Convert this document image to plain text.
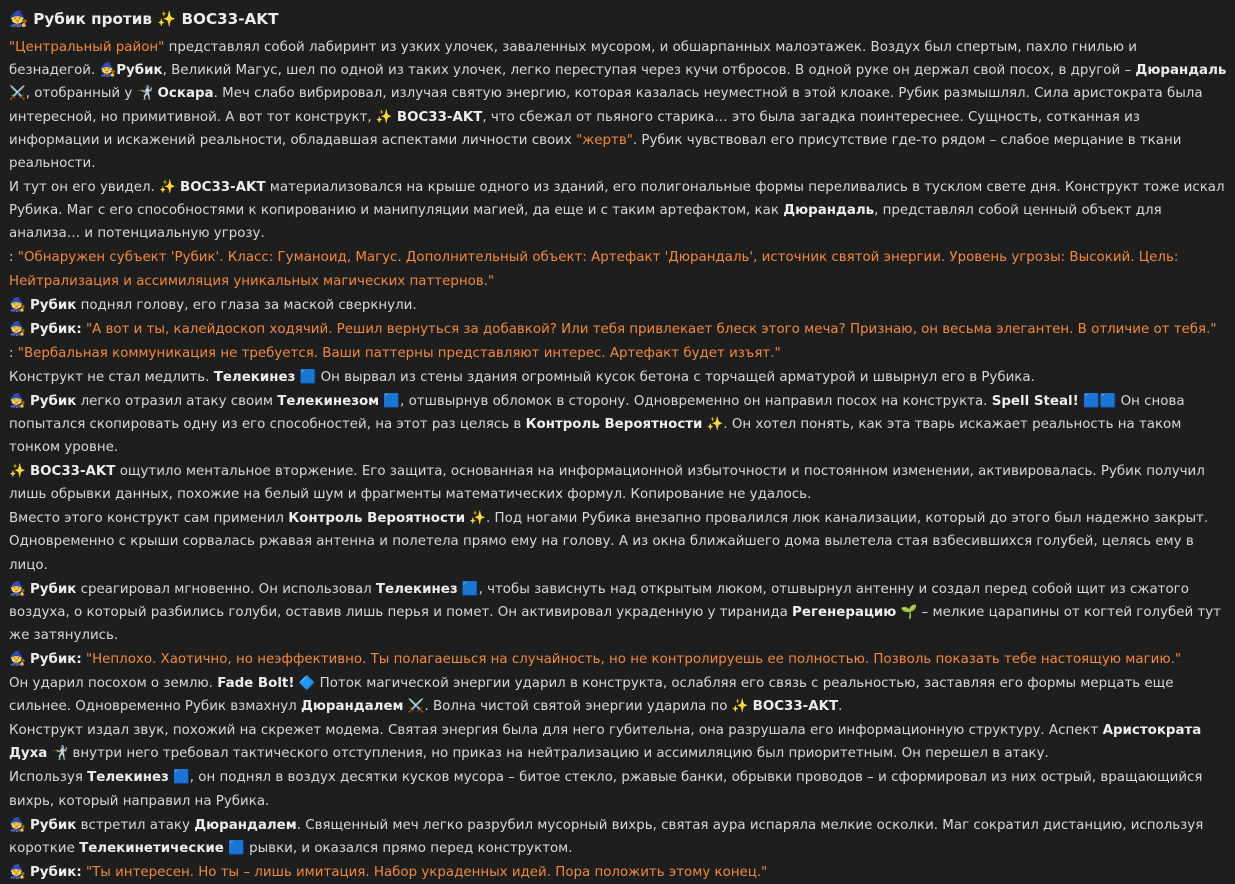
🧙 Рубик против ✨ BOC33-AKT

"Центральный район" представлял собой лабиринт из узких улочек, заваленных мусором, и обшарпанных малоэтажек. Воздух был спертым, пахло гнилью и безнадегой. 🧙Рубик, Великий Магус, шел по одной из таких улочек, легко переступая через кучи отбросов. В одной руке он держал свой посох, в другой – Дюрандаль ⚔️, отобранный у 🤺 Оскара. Меч слабо вибрировал, излучая святую энергию, которая казалась неуместной в этой клоаке. Рубик размышлял. Сила аристократа была интересной, но примитивной. А вот тот конструкт, ✨ BOC33-AKT, что сбежал от пьяного старика… это была загадка поинтереснее. Сущность, сотканная из информации и искажений реальности, обладавшая аспектами личности своих "жертв". Рубик чувствовал его присутствие где-то рядом – слабое мерцание в ткани реальности.

И тут он его увидел. ✨ BOC33-AKT материализовался на крыше одного из зданий, его полигональные формы переливались в тусклом свете дня. Конструкт тоже искал Рубика. Маг с его способностями к копированию и манипуляции магией, да еще и с таким артефактом, как Дюрандаль, представлял собой ценный объект для анализа… и потенциальную угрозу.

: "Обнаружен субъект 'Рубик'. Класс: Гуманоид, Магус. Дополнительный объект: Артефакт 'Дюрандаль', источник святой энергии. Уровень угрозы: Высокий. Цель: Нейтрализация и ассимиляция уникальных магических паттернов."

🧙 Рубик поднял голову, его глаза за маской сверкнули.

🧙 Рубик: "А вот и ты, калейдоскоп ходячий. Решил вернуться за добавкой? Или тебя привлекает блеск этого меча? Признаю, он весьма элегантен. В отличие от тебя."

: "Вербальная коммуникация не требуется. Ваши паттерны представляют интерес. Артефакт будет изъят."

Конструкт не стал медлить. Телекинез 🟦 Он вырвал из стены здания огромный кусок бетона с торчащей арматурой и швырнул его в Рубика.

🧙 Рубик легко отразил атаку своим Телекинезом 🟦, отшвырнув обломок в сторону. Одновременно он направил посох на конструкта. Spell Steal! 🟦🟦 Он снова попытался скопировать одну из его способностей, на этот раз целясь в Контроль Вероятности ✨. Он хотел понять, как эта тварь искажает реальность на таком тонком уровне.

✨ BOC33-AKT ощутило ментальное вторжение. Его защита, основанная на информационной избыточности и постоянном изменении, активировалась. Рубик получил лишь обрывки данных, похожие на белый шум и фрагменты математических формул. Копирование не удалось.

Вместо этого конструкт сам применил Контроль Вероятности ✨. Под ногами Рубика внезапно провалился люк канализации, который до этого был надежно закрыт. Одновременно с крыши сорвалась ржавая антенна и полетела прямо ему на голову. А из окна ближайшего дома вылетела стая взбесившихся голубей, целясь ему в лицо.

🧙 Рубик среагировал мгновенно. Он использовал Телекинез 🟦, чтобы зависнуть над открытым люком, отшвырнул антенну и создал перед собой щит из сжатого воздуха, о который разбились голуби, оставив лишь перья и помет. Он активировал украденную у тиранида Регенерацию 🌱 – мелкие царапины от когтей голубей тут же затянулись.

🧙 Рубик: "Неплохо. Хаотично, но неэффективно. Ты полагаешься на случайность, но не контролируешь ее полностью. Позволь показать тебе настоящую магию."

Он ударил посохом о землю. Fade Bolt! 🔷 Поток магической энергии ударил в конструкта, ослабляя его связь с реальностью, заставляя его формы мерцать еще сильнее. Одновременно Рубик взмахнул Дюрандалем ⚔️. Волна чистой святой энергии ударила по ✨ BOC33-AKT.

Конструкт издал звук, похожий на скрежет модема. Святая энергия была для него губительна, она разрушала его информационную структуру. Аспект Аристократа Духа 🤺 внутри него требовал тактического отступления, но приказ на нейтрализацию и ассимиляцию был приоритетным. Он перешел в атаку.

Используя Телекинез 🟦, он поднял в воздух десятки кусков мусора – битое стекло, ржавые банки, обрывки проводов – и сформировал из них острый, вращающийся вихрь, который направил на Рубика.

🧙 Рубик встретил атаку Дюрандалем. Священный меч легко разрубил мусорный вихрь, святая аура испаряла мелкие осколки. Маг сократил дистанцию, используя короткие Телекинетические 🟦 рывки, и оказался прямо перед конструктом.

🧙 Рубик: "Ты интересен. Но ты – лишь имитация. Набор украденных идей. Пора положить этому конец."
